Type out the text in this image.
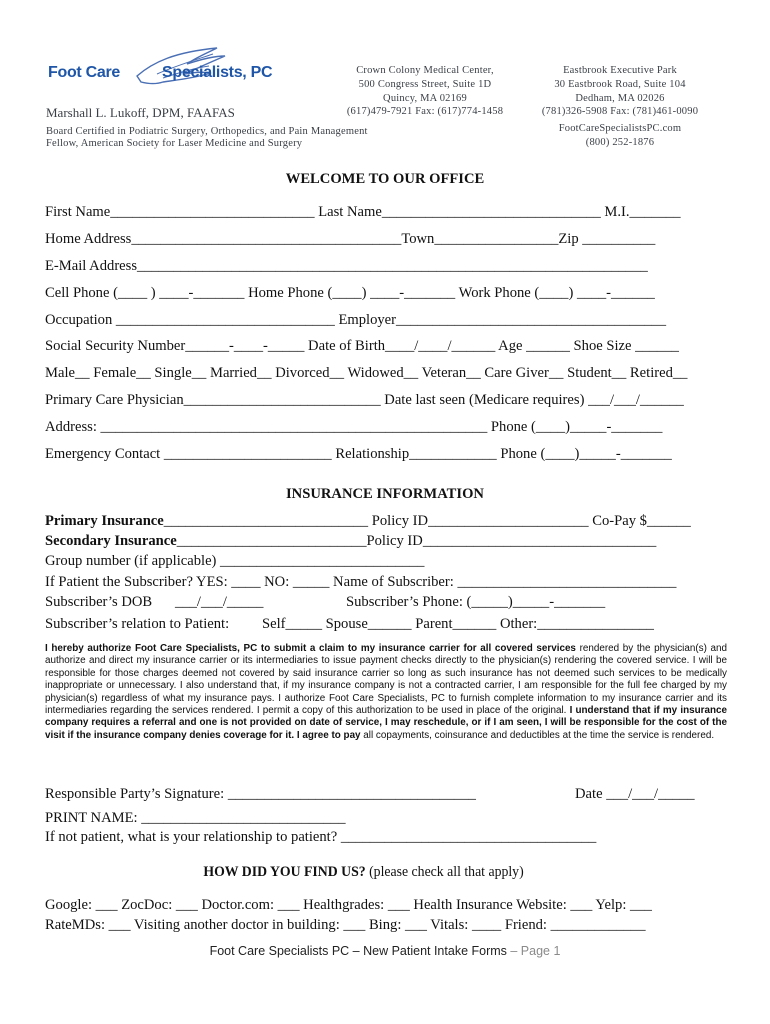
Foot Care	Specialists, PC
Marshall L. Lukoff, DPM, FAAFAS
Board Certified in Podiatric Surgery, Orthopedics, and Pain Management
Fellow, American Society for Laser Medicine and Surgery
Crown Colony Medical Center,
500 Congress Street, Suite 1D
Quincy, MA 02169
(617)479-7921 Fax: (617)774-1458
Eastbrook Executive Park
30 Eastbrook Road, Suite 104
Dedham, MA 02026
(781)326-5908 Fax: (781)461-0090
FootCareSpecialistsPC.com
(800) 252-1876
WELCOME TO OUR OFFICE
First Name____________________________ Last Name______________________________ M.I._______
Home Address_____________________________________Town_________________Zip __________
E-Mail Address______________________________________________________________________
Cell Phone (____ ) ____-_______ Home Phone (____) ____-_______ Work Phone (____) ____-______
Occupation ______________________________ Employer_____________________________________
Social Security Number______-____-_____ Date of Birth____/____/______ Age ______ Shoe Size ______
Male__ Female__ Single__ Married__ Divorced__ Widowed__ Veteran__ Care Giver__ Student__ Retired__
Primary Care Physician___________________________ Date last seen (Medicare requires) ___/___/______
Address: _____________________________________________________ Phone (____)_____-_______
Emergency Contact _______________________ Relationship____________ Phone (____)_____-_______
INSURANCE INFORMATION
Primary Insurance____________________________ Policy ID______________________ Co-Pay $______
Secondary Insurance__________________________Policy ID________________________________
Group number (if applicable) ____________________________
If Patient the Subscriber? YES: ____ NO: _____ Name of Subscriber: ______________________________
Subscriber’s DOB ___/___/_____	Subscriber’s Phone: (_____)_____-_______
Subscriber’s relation to Patient: Self_____ Spouse______ Parent______ Other:________________
I hereby authorize Foot Care Specialists, PC to submit a claim to my insurance carrier for all covered services rendered by the physician(s) and authorize and direct my insurance carrier or its intermediaries to issue payment checks directly to the physician(s) rendering the covered service. I will be responsible for those charges deemed not covered by said insurance carrier so long as such insurance has not deemed such services to be medically inappropriate or unnecessary. I also understand that, if my insurance company is not a contracted carrier, I am responsible for the full fee charged by my physician(s) regardless of what my insurance pays. I authorize Foot Care Specialists, PC to furnish complete information to my insurance carrier and its intermediaries regarding the services rendered. I permit a copy of this authorization to be used in place of the original. I understand that if my insurance company requires a referral and one is not provided on date of service, I may reschedule, or if I am seen, I will be responsible for the cost of the visit if the insurance company denies coverage for it. I agree to pay all copayments, coinsurance and deductibles at the time the service is rendered.
Responsible Party’s Signature: __________________________________	Date ___/___/_____
PRINT NAME: ____________________________
If not patient, what is your relationship to patient? ___________________________________
HOW DID YOU FIND US? (please check all that apply)
Google: ___ ZocDoc: ___ Doctor.com: ___ Healthgrades: ___ Health Insurance Website: ___ Yelp: ___
RateMDs: ___ Visiting another doctor in building: ___ Bing: ___ Vitals: ____ Friend: _____________
Foot Care Specialists PC – New Patient Intake Forms – Page 1
